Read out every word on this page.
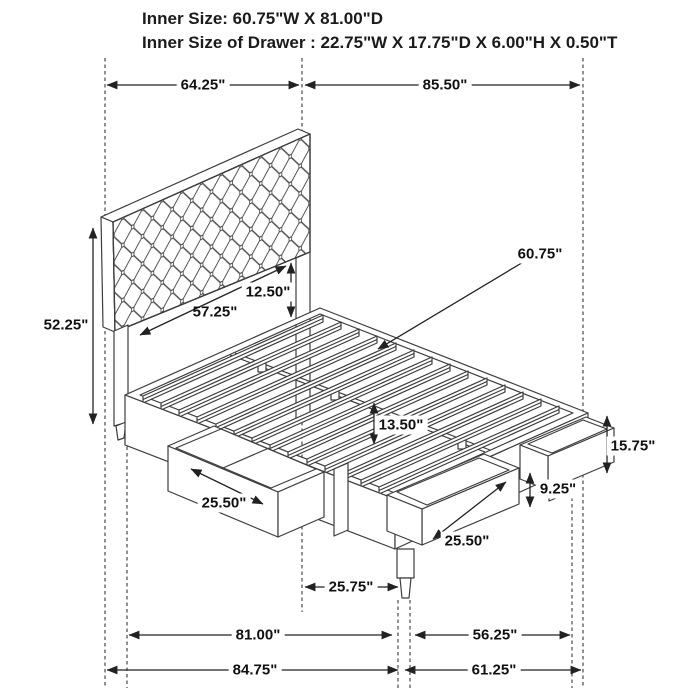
Inner Size: 60.75"W X 81.00"D
Inner Size of Drawer : 22.75"W X 17.75"D X 6.00"H X 0.50"T
64.25"	85.50"
52.25"
12.50"
57.25"
60.75"
13.50"
15.75"
9.25"
25.50"
25.50"
25.75"
81.00"	56.25"
84.75"	61.25"
